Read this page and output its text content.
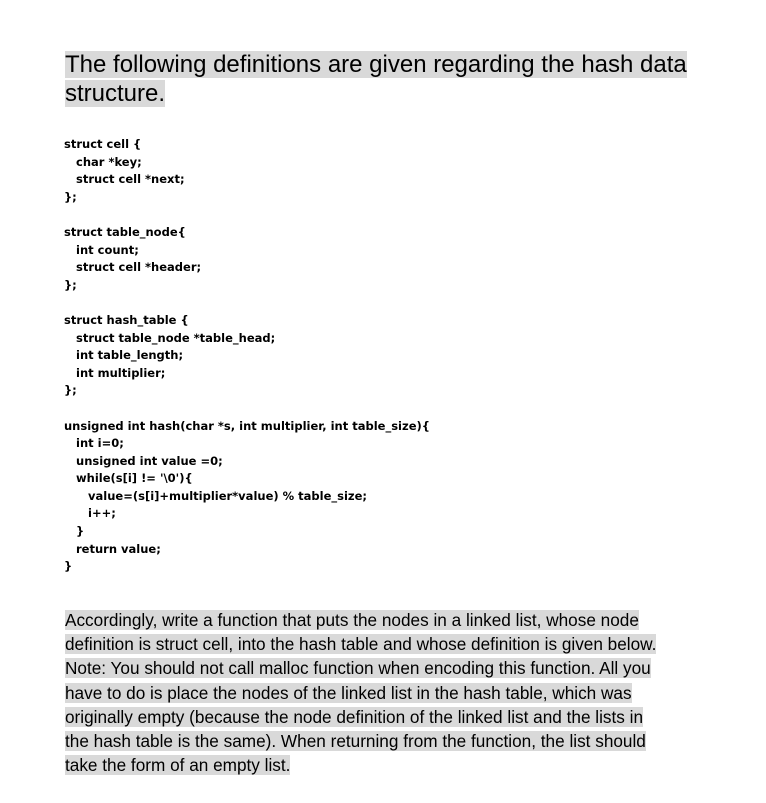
The following definitions are given regarding the hash data
structure.
struct cell {
char *key;
struct cell *next;
};
struct table_node{
int count;
struct cell *header;
};
struct hash_table {
struct table_node *table_head;
int table_length;
int multiplier;
};
unsigned int hash(char *s, int multiplier, int table_size){
int i=0;
unsigned int value =0;
while(s[i] != '\0'){
value=(s[i]+multiplier*value) % table_size;
i++;
}
return value;
}
Accordingly, write a function that puts the nodes in a linked list, whose node
definition is struct cell, into the hash table and whose definition is given below.
Note: You should not call malloc function when encoding this function. All you
have to do is place the nodes of the linked list in the hash table, which was
originally empty (because the node definition of the linked list and the lists in
the hash table is the same). When returning from the function, the list should
take the form of an empty list.
